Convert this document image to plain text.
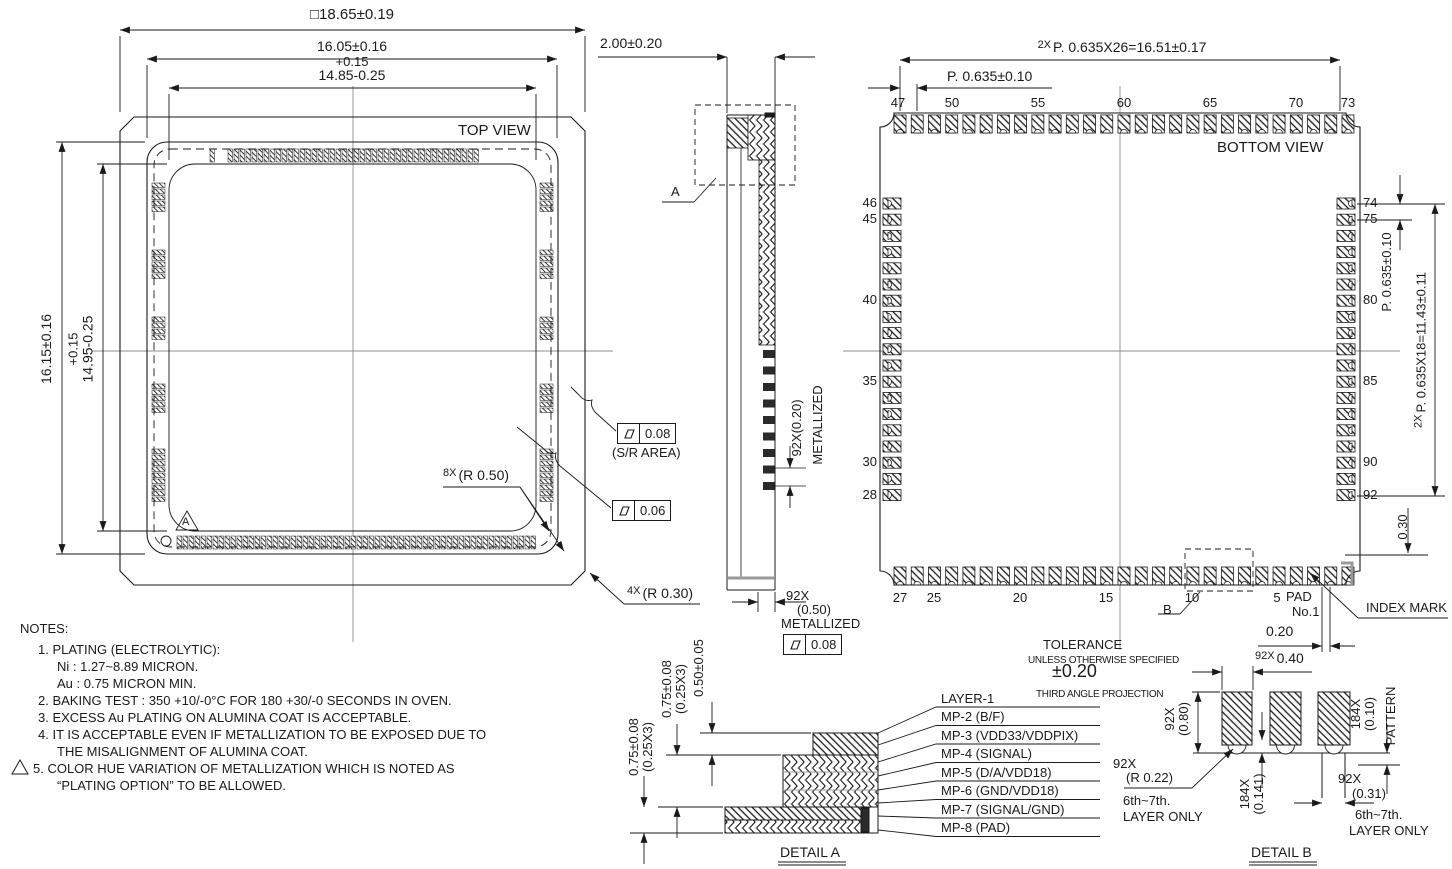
□18.65±0.19
16.05±0.16
+0.15
14.85-0.25
TOP VIEW
16.15±0.16 +0.15
14.95-0.25
$^{8X}$ (R 0.50)
$^{4X}$ (R 0.30)
A
0.08
(S/R AREA)
0.06
2.00±0.20
A
92X(0.20) METALLIZED
92X
(0.50)
METALLIZED
0.08
BOTTOM VIEW
$^{2X}$ P. 0.635X26=16.51±0.17
P. 0.635±0.10
47	50	55	60	65	70	73
46
45
40
35
30
28
74
75
80
85
90
92
27 25	20	15	10	5 PAD
No.1
B	INDEX MARK
0.20
P. 0.635±0.10
$^{2X}$P. 0.635X18=11.43±0.11
0.30
TOLERANCE
UNLESS OTHERWISE SPECIFIED
±0.20
THIRD ANGLE PROJECTION
LAYER-1
MP-2 (B/F)
MP-3 (VDD33/VDDPIX)
MP-4 (SIGNAL)
MP-5 (D/A/VDD18)
MP-6 (GND/VDD18)
MP-7 (SIGNAL/GND)
MP-8 (PAD)
0.50±0.05
0.75±0.08
(0.25X3)
0.75±0.08
(0.25X3)
DETAIL A
$^{92X}$ 0.40
92X
(0.80)	184X
(0.10) PATTERN
92X
(R 0.22)
6th~7th.
LAYER ONLY
184X
(0.141)	92X
(0.31)
6th~7th.
LAYER ONLY
DETAIL B
NOTES:
1. PLATING (ELECTROLYTIC):
Ni : 1.27~8.89 MICRON.
Au : 0.75 MICRON MIN.
2. BAKING TEST : 350 +10/-0°C FOR 180 +30/-0 SECONDS IN OVEN.
3. EXCESS Au PLATING ON ALUMINA COAT IS ACCEPTABLE.
4. IT IS ACCEPTABLE EVEN IF METALLIZATION TO BE EXPOSED DUE TO
THE MISALIGNMENT OF ALUMINA COAT.
5. COLOR HUE VARIATION OF METALLIZATION WHICH IS NOTED AS
“PLATING OPTION” TO BE ALLOWED.
